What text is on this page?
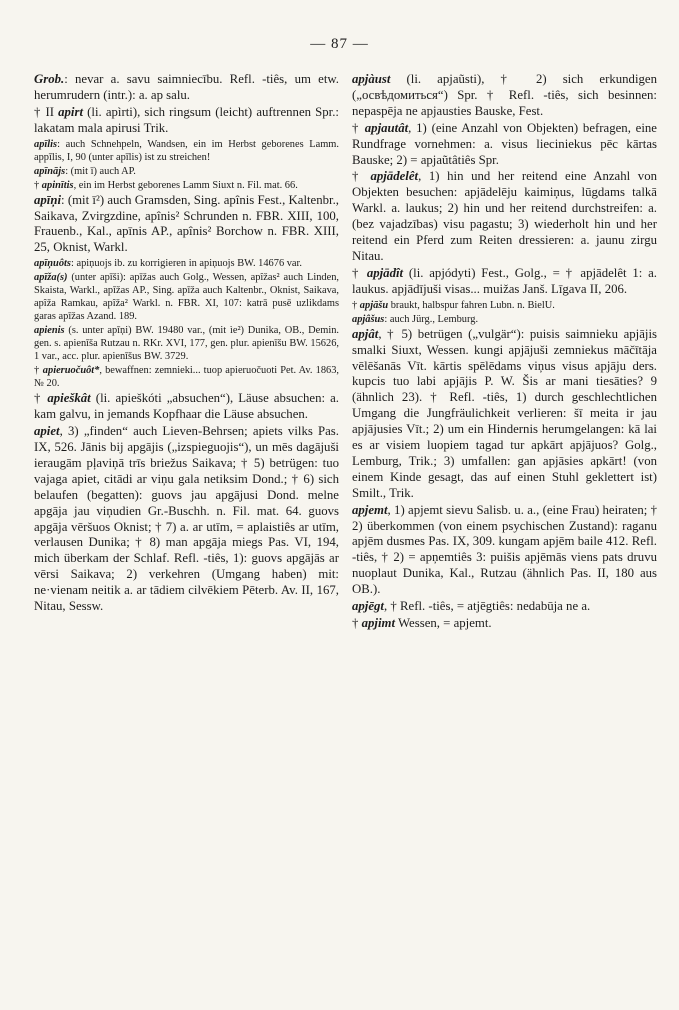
— 87 —

Grob.: nevar a. savu saimniecību. Refl. -tiês, um etw. herumrudern (intr.): a. ap salu.

† II apirt (li. apìrti), sich ringsum (leicht) auftrennen Spr.: lakatam mala apirusi Trik.

apīlis: auch Schnehpeln, Wandsen, ein im Herbst geborenes Lamm. appīlis, I, 90 (unter apīlis) ist zu streichen!

apīnājs: (mit ī) auch AP.

† apinītis, ein im Herbst geborenes Lamm Siuxt n. Fil. mat. 66.

apīņi: (mit ī²) auch Gramsden, Sing. apînis Fest., Kaltenbr., Saikava, Zvirgzdine, apînis² Schrunden n. FBR. XIII, 100, Frauenb., Kal., apīnis AP., apînis² Borchow n. FBR. XIII, 25, Oknist, Warkl.

apīņuôts: apiņuojs ib. zu korrigieren in apiņuojs BW. 14676 var.

apīža(s) (unter apīši): apīžas auch Golg., Wessen, apîžas² auch Linden, Skaista, Warkl., apīžas AP., Sing. apīža auch Kaltenbr., Oknist, Saikava, apîža Ramkau, apîža² Warkl. n. FBR. XI, 107: katrā pusē uzlikdams garas apīžas Azand. 189.

apienis (s. unter apīņi) BW. 19480 var., (mit ìe²) Dunika, OB., Demin. gen. s. apienīša Rutzau n. RKr. XVI, 177, gen. plur. apienīšu BW. 15626, 1 var., acc. plur. apienīšus BW. 3729.

† apieruočuôt*, bewaffnen: zemnieki... tuop apieruočuoti Pet. Av. 1863, № 20.

† apieškât (li. apieškóti „absuchen“), Läuse absuchen: a. kam galvu, in jemands Kopfhaar die Läuse absuchen.

apiet, 3) „finden“ auch Lieven-Behrsen; apiets vilks Pas. IX, 526. Jānis bij apgājis („izspieguojis“), un mēs dagājuši ieraugām pļaviņā trīs briežus Saikava; † 5) betrügen: tuo vajaga apiet, citādi ar viņu gala netiksim Dond.; † 6) sich belaufen (begatten): guovs jau apgājusi Dond. melne apgāja jau viņudien Gr.-Buschh. n. Fil. mat. 64. guovs apgāja vēršuos Oknist; † 7) a. ar utīm, = aplaistiês ar utīm, verlausen Dunika; † 8) man apgāja miegs Pas. VI, 194, mich überkam der Schlaf. Refl. -tiês, 1): guovs apgājās ar vērsi Saikava; 2) verkehren (Umgang haben) mit: ne·vienam neitik a. ar tādiem cilvēkiem Pēterb. Av. II, 167, Nitau, Sessw.

apjàust (li. apjaũsti), † 2) sich erkundigen („освѣдомиться“) Spr. † Refl. -tiês, sich besinnen: nepaspēja ne apjausties Bauske, Fest.

† apjautât, 1) (eine Anzahl von Objekten) befragen, eine Rundfrage vornehmen: a. visus lieciniekus pēc kārtas Bauske; 2) = apjaũtâtiês Spr.

† apjādelêt, 1) hin und her reitend eine Anzahl von Objekten besuchen: apjādelēju kaimiņus, lūgdams talkā Warkl. a. laukus; 2) hin und her reitend durchstreifen: a. (bez vajadzības) visu pagastu; 3) wiederholt hin und her reitend ein Pferd zum Reiten dressieren: a. jaunu zirgu Nitau.

† apjādît (li. apjódyti) Fest., Golg., = † apjādelêt 1: a. laukus. apjādījuši visas... muižas Janš. Līgava II, 206.

† apjāšu braukt, halbspur fahren Lubn. n. BielU.

apjâšus: auch Jürg., Lemburg.

apjât, † 5) betrügen („vulgär“): puisis saimnieku apjājis smalki Siuxt, Wessen. kungi apjājuši zemniekus māčītāja vēlēšanās Vīt. kārtis spēlēdams viņus visus apjāju ders. kupcis tuo labi apjājis P. W. Šis ar mani tiesāties? 9 (ähnlich 23). † Refl. -tiês, 1) durch geschlechtlichen Umgang die Jungfräulichkeit verlieren: šī meita ir jau apjājusies Vīt.; 2) um ein Hindernis herumgelangen: kā lai es ar visiem luopiem tagad tur apkārt apjājuos? Golg., Lemburg, Trik.; 3) umfallen: gan apjāsies apkārt! (von einem Kinde gesagt, das auf einen Stuhl geklettert ist) Smilt., Trik.

apjemt, 1) apjemt sievu Salisb. u. a., (eine Frau) heiraten; † 2) überkommen (von einem psychischen Zustand): raganu apjēm dusmes Pas. IX, 309. kungam apjēm baile 412. Refl. -tiês, † 2) = apņemtiês 3: puišis apjēmās viens pats druvu nuoplaut Dunika, Kal., Rutzau (ähnlich Pas. II, 180 aus OB.).

apjēgt, † Refl. -tiês, = atjēgtiês: nedabūja ne a.

† apjimt Wessen, = apjemt.
